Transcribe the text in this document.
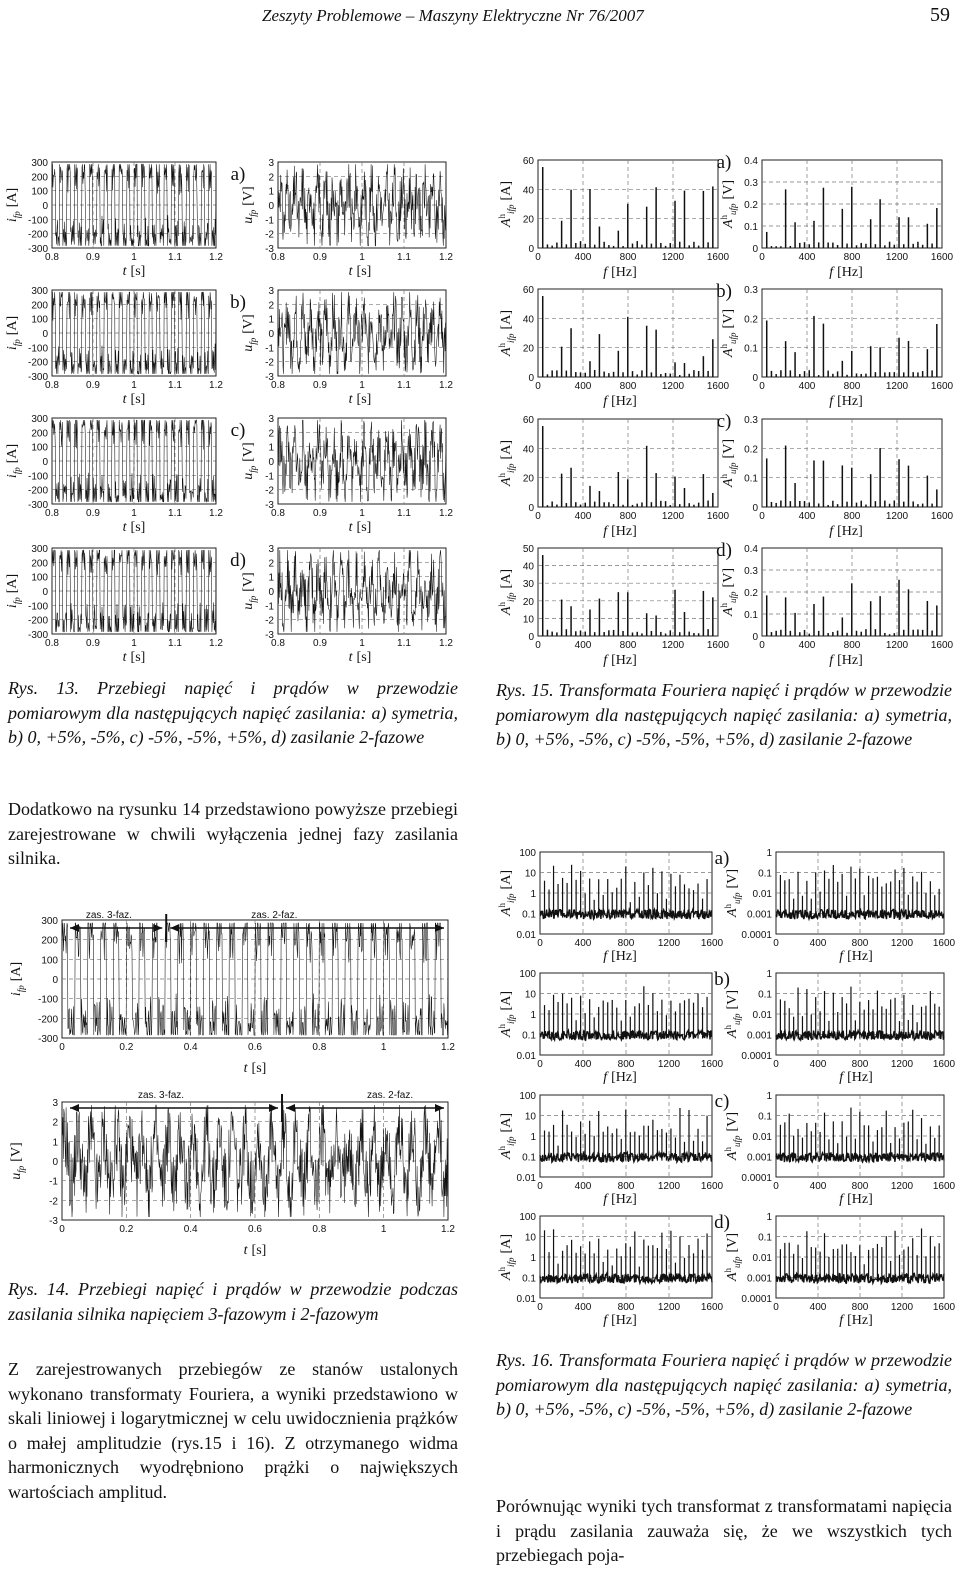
Zeszyty Problemowe – Maszyny Elektryczne Nr 76/2007	59
0.8	0.9	1	1.1	1.2
300
200
100
0
-100
-200
-300
$i_{fp}[A]$
t [s]
0.8	0.9	1	1.1	1.2
3
2
1
0
-1
-2
-3
$u_{fp}[V]$
t [s]
a)
0.8	0.9	1	1.1	1.2
300
200
100
0
-100
-200
-300
$i_{fp}[A]$
t [s]
0.8	0.9	1	1.1	1.2
3
2
1
0
-1
-2
-3
$u_{fp}[V]$
t [s]
b)
0.8	0.9	1	1.1	1.2
300
200
100
0
-100
-200
-300
$i_{fp}[A]$
t [s]
0.8	0.9	1	1.1	1.2
3
2
1
0
-1
-2
-3
$u_{fp}[V]$
t [s]
c)
0.8	0.9	1	1.1	1.2
300
200
100
0
-100
-200
-300
$i_{fp}[A]$
t [s]
0.8	0.9	1	1.1	1.2
3
2
1
0
-1
-2
-3
$u_{fp}[V]$
t [s]
d)
0	0.2	0.4	0.6	0.8	1	1.2
300
200
100
0
-100
-200
-300
$i_{fp}[A]$
zas. 3-faz.	zas. 2-faz.
t [s]
0	0.2	0.4	0.6	0.8	1	1.2
3
2
1
0
-1
-2
-3
$u_{fp}[V]$
zas. 3-faz.	zas. 2-faz.
t [s]
0	400	800	1200 1600
60
40
20
0
$A^h_{ifp}[A]$
f [Hz]
0	400	800	1200 1600
0.4
0.3
0.2
0.1
0
$A^h_{ufp}[V]$
f [Hz]
a)
0	400	800	1200 1600
60
40
20
0
$A^h_{ifp}[A]$
f [Hz]
0	400	800	1200 1600
0.3
0.2
0.1
0
$A^h_{ufp}[V]$
f [Hz]
b)
0	400	800	1200 1600
60
40
20
0
$A^h_{ifp}[A]$
f [Hz]
0	400	800	1200 1600
0.3
0.2
0.1
0
$A^h_{ufp}[V]$
f [Hz]
c)
0	400	800	1200 1600
50
40
30
20
10
0
$A^h_{ifp}[A]$
f [Hz]
0	400	800	1200 1600
0.4
0.3
0.2
0.1
0
$A^h_{ufp}[V]$
f [Hz]
d)
0	400	800 1200 1600
100
10
1
0.1
0.01
$A^h_{ifp}[A]$
f [Hz]
0	400	800 1200 1600
1
0.1
0.01
0.001
0.0001
$A^h_{ufp}[V]$
f [Hz]
a)
0	400	800 1200 1600
100
10
1
0.1
0.01
$A^h_{ifp}[A]$
f [Hz]
0	400	800 1200 1600
1
0.1
0.01
0.001
0.0001
$A^h_{ufp}[V]$
f [Hz]
b)
0	400	800 1200 1600
100
10
1
0.1
0.01
$A^h_{ifp}[A]$
f [Hz]
0	400	800 1200 1600
1
0.1
0.01
0.001
0.0001
$A^h_{ufp}[V]$
f [Hz]
c)
0	400	800 1200 1600
100
10
1
0.1
0.01
$A^h_{ifp}[A]$
f [Hz]
0	400	800 1200 1600
1
0.1
0.01
0.001
0.0001
$A^h_{ufp}[V]$
f [Hz]
d)
Rys. 13. Przebiegi napięć i prądów w przewodzie pomiarowym dla następujących napięć zasilania: a) symetria, b) 0, +5%, -5%, c) -5%, -5%, +5%, d) zasilanie 2-fazowe
Dodatkowo na rysunku 14 przedstawiono powyższe przebiegi zarejestrowane w chwili wyłączenia jednej fazy zasilania silnika.
Rys. 14. Przebiegi napięć i prądów w przewodzie podczas zasilania silnika napięciem 3-fazowym i 2-fazowym
Z zarejestrowanych przebiegów ze stanów ustalonych wykonano transformaty Fouriera, a wyniki przedstawiono w skali liniowej i logarytmicznej w celu uwidocznienia prążków o małej amplitudzie (rys.15 i 16). Z otrzymanego widma harmonicznych wyodrębniono prążki o największych wartościach amplitud.
Rys. 15. Transformata Fouriera napięć i prądów w przewodzie pomiarowym dla następujących napięć zasilania: a) symetria, b) 0, +5%, -5%, c) -5%, -5%, +5%, d) zasilanie 2-fazowe
Rys. 16. Transformata Fouriera napięć i prądów w przewodzie pomiarowym dla następujących napięć zasilania: a) symetria, b) 0, +5%, -5%, c) -5%, -5%, +5%, d) zasilanie 2-fazowe
Porównując wyniki tych transformat z transformatami napięcia i prądu zasilania zauważa się, że we wszystkich tych przebiegach poja-
